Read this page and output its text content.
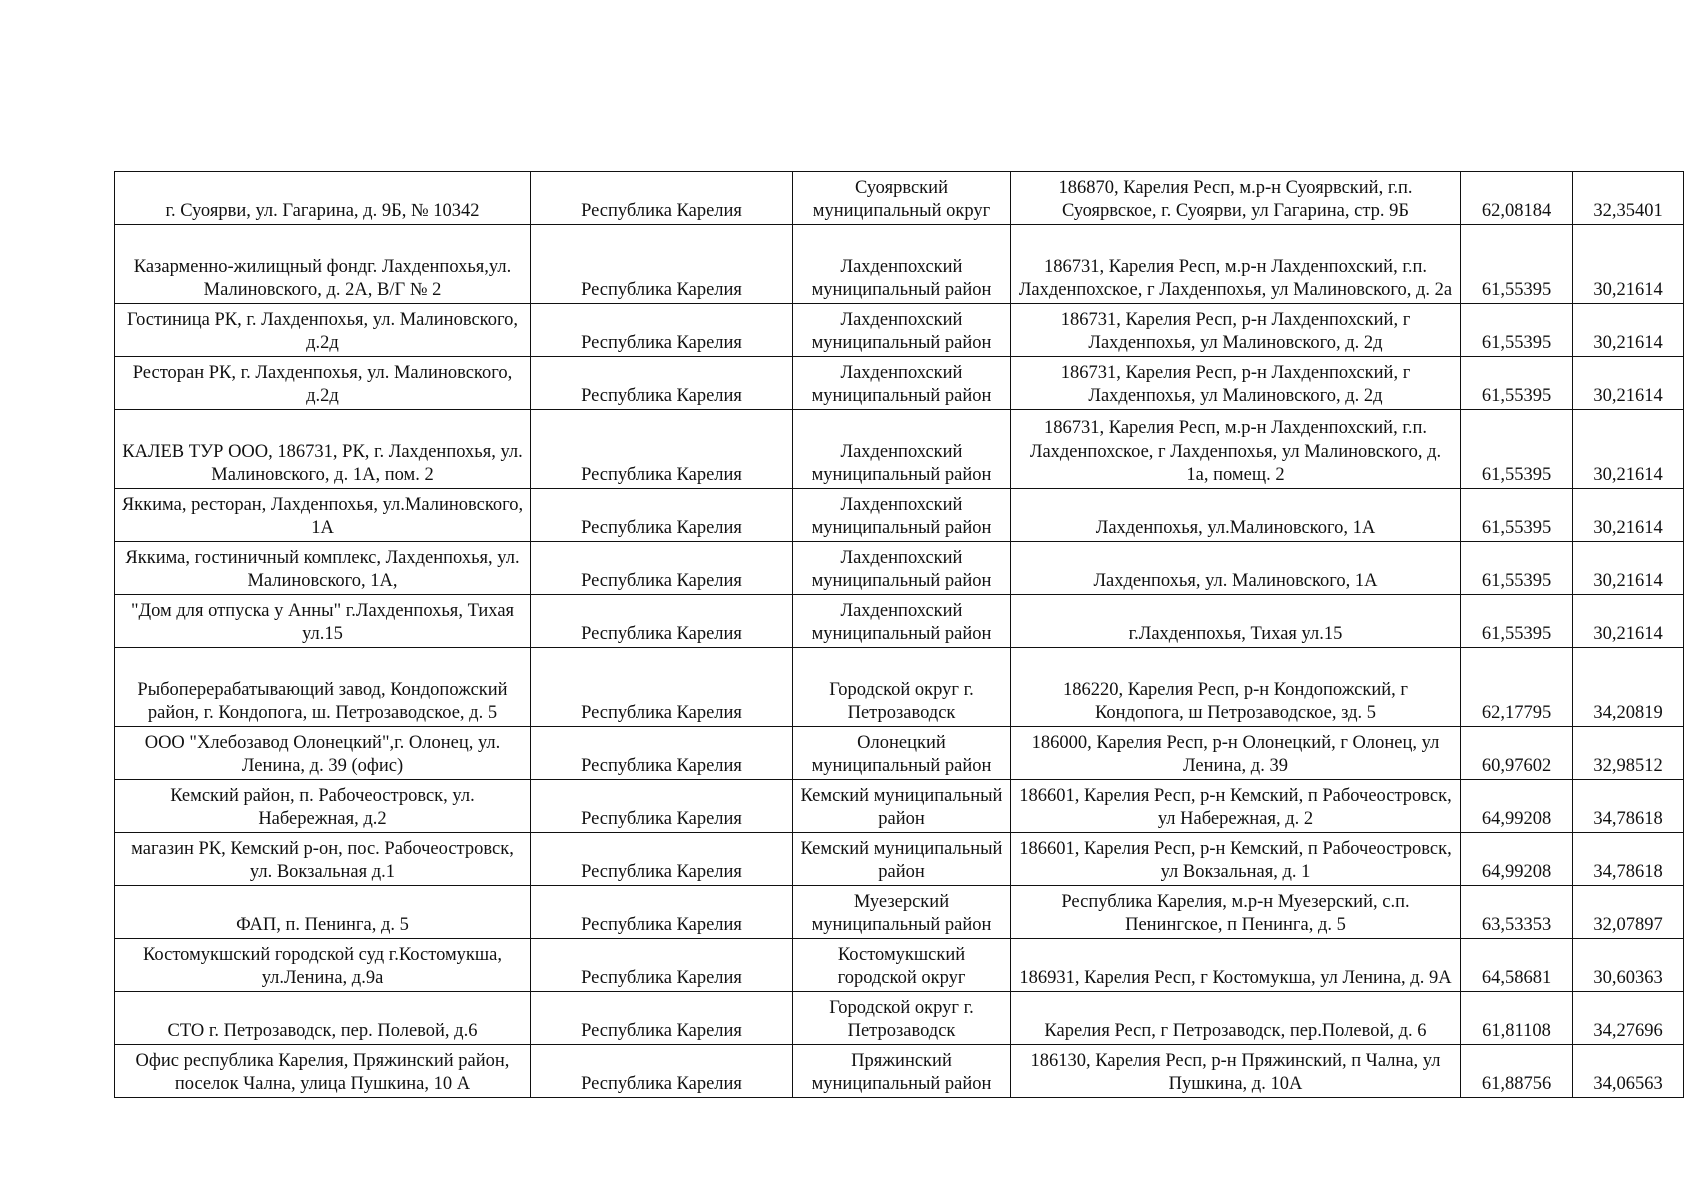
г. Суоярви, ул. Гагарина, д. 9Б, № 10342	Республика Карелия	Суоярвский муниципальный округ	186870, Карелия Респ, м.р-н Суоярвский, г.п. Суоярвское, г. Суоярви, ул Гагарина, стр. 9Б	62,08184	32,35401
Казарменно-жилищный фондг. Лахденпохья,ул. Малиновского, д. 2А, В/Г № 2	Республика Карелия	Лахденпохский муниципальный район	186731, Карелия Респ, м.р-н Лахденпохский, г.п. Лахденпохское, г Лахденпохья, ул Малиновского, д. 2а	61,55395	30,21614
Гостиница РК, г. Лахденпохья, ул. Малиновского, д.2д	Республика Карелия	Лахденпохский муниципальный район	186731, Карелия Респ, р-н Лахденпохский, г Лахденпохья, ул Малиновского, д. 2д	61,55395	30,21614
Ресторан РК, г. Лахденпохья, ул. Малиновского, д.2д	Республика Карелия	Лахденпохский муниципальный район	186731, Карелия Респ, р-н Лахденпохский, г Лахденпохья, ул Малиновского, д. 2д	61,55395	30,21614
КАЛЕВ ТУР ООО, 186731, РК, г. Лахденпохья, ул. Малиновского, д. 1А, пом. 2	Республика Карелия	Лахденпохский муниципальный район	186731, Карелия Респ, м.р-н Лахденпохский, г.п. Лахденпохское, г Лахденпохья, ул Малиновского, д. 1а, помещ. 2	61,55395	30,21614
Яккима, ресторан, Лахденпохья, ул.Малиновского, 1А	Республика Карелия	Лахденпохский муниципальный район	Лахденпохья, ул.Малиновского, 1А	61,55395	30,21614
Яккима, гостиничный комплекс, Лахденпохья, ул. Малиновского, 1А,	Республика Карелия	Лахденпохский муниципальный район	Лахденпохья, ул. Малиновского, 1А	61,55395	30,21614
"Дом для отпуска у Анны" г.Лахденпохья, Тихая ул.15	Республика Карелия	Лахденпохский муниципальный район	г.Лахденпохья, Тихая ул.15	61,55395	30,21614
Рыбоперерабатывающий завод, Кондопожский район, г. Кондопога, ш. Петрозаводское, д. 5	Республика Карелия	Городской округ г. Петрозаводск	186220, Карелия Респ, р-н Кондопожский, г Кондопога, ш Петрозаводское, зд. 5	62,17795	34,20819
ООО "Хлебозавод Олонецкий",г. Олонец, ул. Ленина, д. 39 (офис)	Республика Карелия	Олонецкий муниципальный район	186000, Карелия Респ, р-н Олонецкий, г Олонец, ул Ленина, д. 39	60,97602	32,98512
Кемский район, п. Рабочеостровск, ул. Набережная, д.2	Республика Карелия	Кемский муниципальный район	186601, Карелия Респ, р-н Кемский, п Рабочеостровск, ул Набережная, д. 2	64,99208	34,78618
магазин РК, Кемский р-он, пос. Рабочеостровск, ул. Вокзальная д.1	Республика Карелия	Кемский муниципальный район	186601, Карелия Респ, р-н Кемский, п Рабочеостровск, ул Вокзальная, д. 1	64,99208	34,78618
ФАП, п. Пенинга, д. 5	Республика Карелия	Муезерский муниципальный район	Республика Карелия, м.р-н Муезерский, с.п. Пенингское, п Пенинга, д. 5	63,53353	32,07897
Костомукшский городской суд г.Костомукша, ул.Ленина, д.9а	Республика Карелия	Костомукшский городской округ	186931, Карелия Респ, г Костомукша, ул Ленина, д. 9А	64,58681	30,60363
СТО г. Петрозаводск, пер. Полевой, д.6	Республика Карелия	Городской округ г. Петрозаводск	Карелия Респ, г Петрозаводск, пер.Полевой, д. 6	61,81108	34,27696
Офис республика Карелия, Пряжинский район, поселок Чална, улица Пушкина, 10 А	Республика Карелия	Пряжинский муниципальный район	186130, Карелия Респ, р-н Пряжинский, п Чална, ул Пушкина, д. 10А	61,88756	34,06563
